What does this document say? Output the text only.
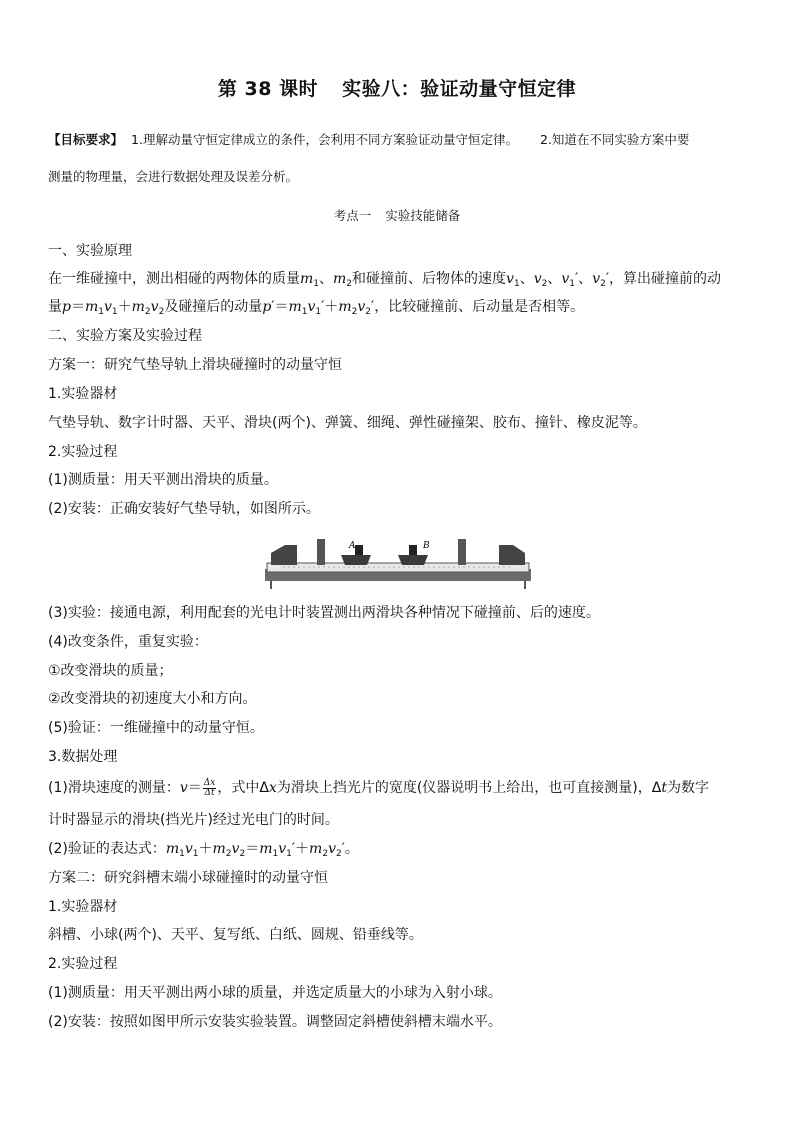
第 38 课时 实验八：验证动量守恒定律
【目标要求】 1.理解动量守恒定律成立的条件，会利用不同方案验证动量守恒定律。 2.知道在不同实验方案中要
测量的物理量，会进行数据处理及误差分析。
考点一 实验技能储备
一、实验原理
在一维碰撞中，测出相碰的两物体的质量$m_1$、$m_2$和碰撞前、后物体的速度$v_1$、$v_2$、$v_1'$、$v_2'$，算出碰撞前的动
量$p=m_1v_1+m_2v_2$及碰撞后的动量$p'=m_1v_1'+m_2v_2'$，比较碰撞前、后动量是否相等。
二、实验方案及实验过程
方案一：研究气垫导轨上滑块碰撞时的动量守恒
1.实验器材
气垫导轨、数字计时器、天平、滑块(两个)、弹簧、细绳、弹性碰撞架、胶布、撞针、橡皮泥等。
2.实验过程
(1)测质量：用天平测出滑块的质量。
(2)安装：正确安装好气垫导轨，如图所示。
A	B
(3)实验：接通电源，利用配套的光电计时装置测出两滑块各种情况下碰撞前、后的速度。
(4)改变条件，重复实验：
①改变滑块的质量；
②改变滑块的初速度大小和方向。
(5)验证：一维碰撞中的动量守恒。
3.数据处理
(1)滑块速度的测量：$v= \frac{\Delta x}{\Delta t}$ ，式中Δx为滑块上挡光片的宽度(仪器说明书上给出，也可直接测量)，Δt为数字
计时器显示的滑块(挡光片)经过光电门的时间。
(2)验证的表达式：$m_1v_1+m_2v_2=m_1v_1'+m_2v_2'$。
方案二：研究斜槽末端小球碰撞时的动量守恒
1.实验器材
斜槽、小球(两个)、天平、复写纸、白纸、圆规、铅垂线等。
2.实验过程
(1)测质量：用天平测出两小球的质量，并选定质量大的小球为入射小球。
(2)安装：按照如图甲所示安装实验装置。调整固定斜槽使斜槽末端水平。
